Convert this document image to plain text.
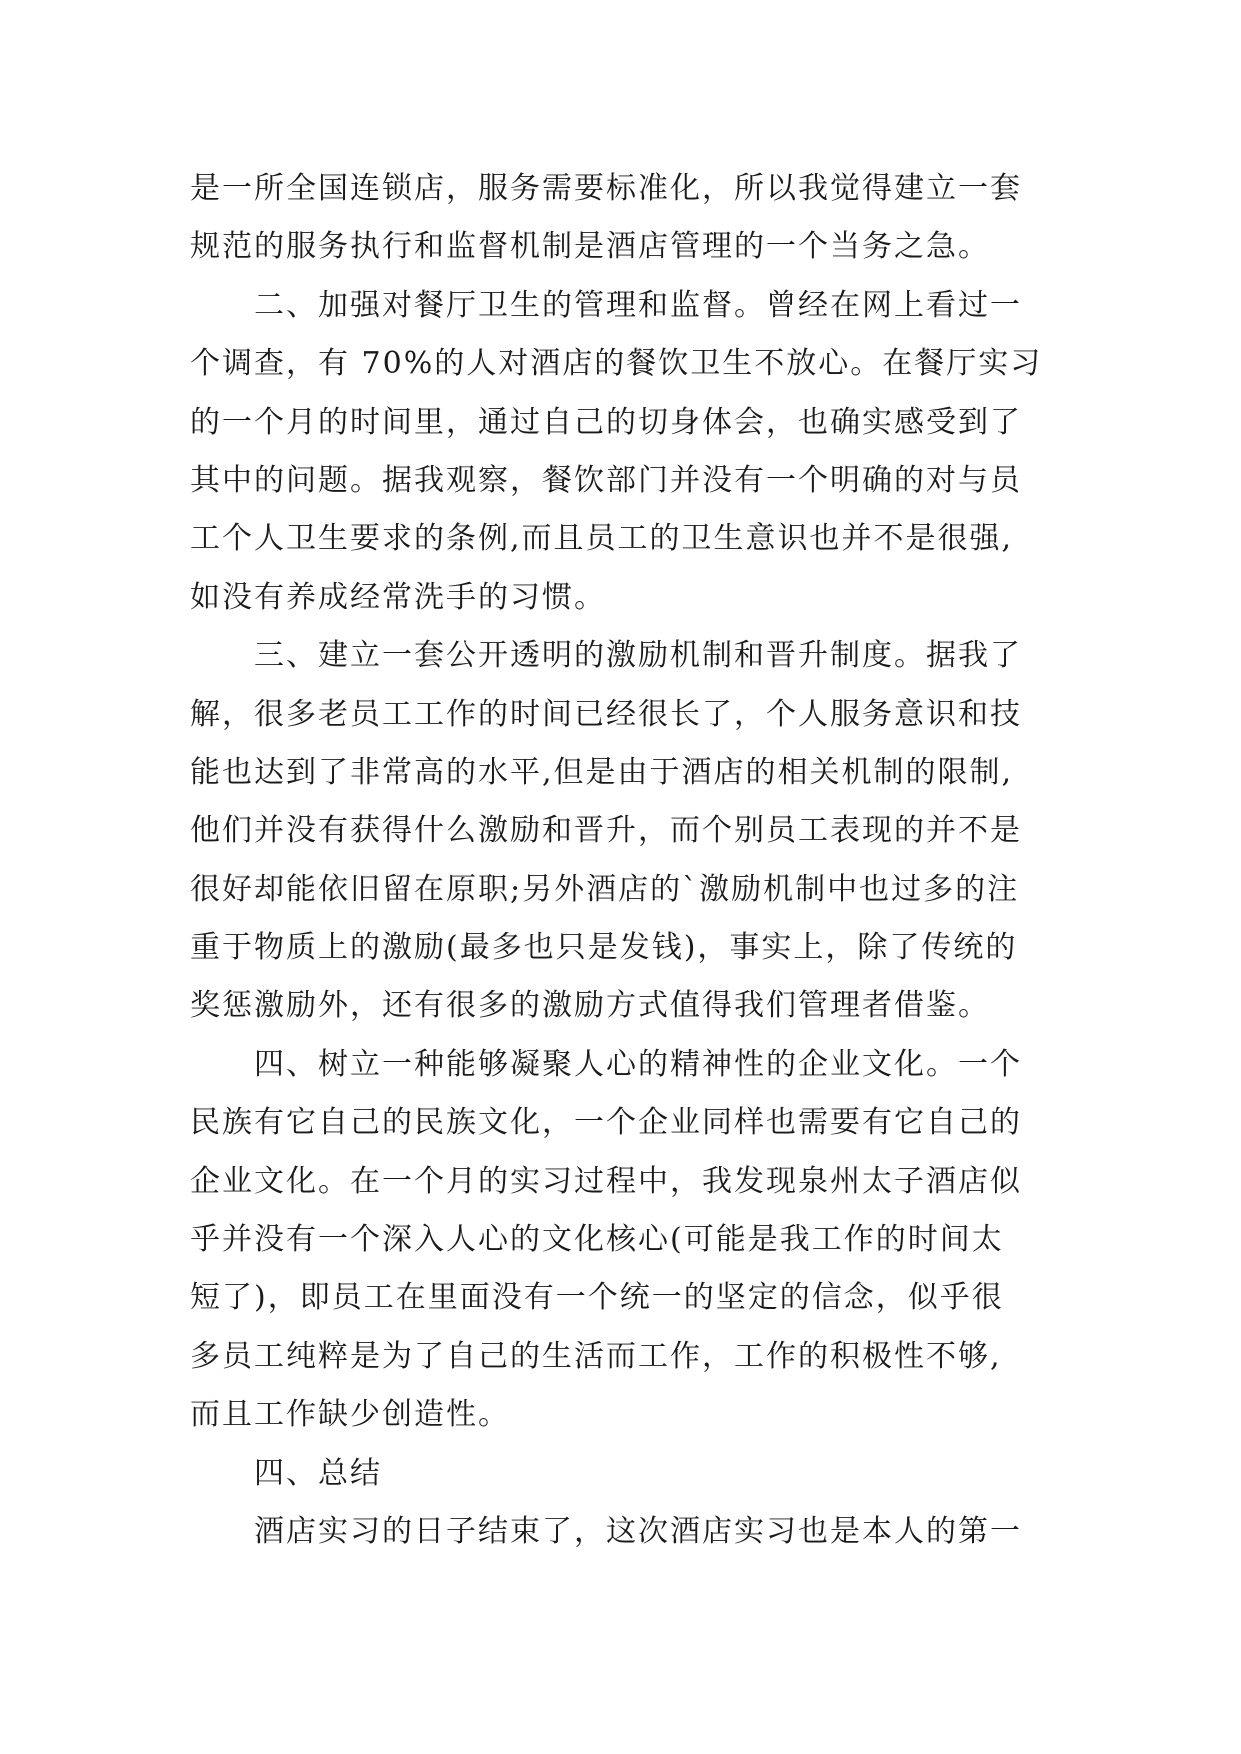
是一所全国连锁店，服务需要标准化，所以我觉得建立一套
规范的服务执行和监督机制是酒店管理的一个当务之急。
二、加强对餐厅卫生的管理和监督。曾经在网上看过一
个调查，有 70%的人对酒店的餐饮卫生不放心。在餐厅实习
的一个月的时间里，通过自己的切身体会，也确实感受到了
其中的问题。据我观察，餐饮部门并没有一个明确的对与员
工个人卫生要求的条例,而且员工的卫生意识也并不是很强,
如没有养成经常洗手的习惯。
三、建立一套公开透明的激励机制和晋升制度。据我了
解，很多老员工工作的时间已经很长了，个人服务意识和技
能也达到了非常高的水平,但是由于酒店的相关机制的限制,
他们并没有获得什么激励和晋升，而个别员工表现的并不是
很好却能依旧留在原职;另外酒店的`激励机制中也过多的注
重于物质上的激励(最多也只是发钱)，事实上，除了传统的
奖惩激励外，还有很多的激励方式值得我们管理者借鉴。
四、树立一种能够凝聚人心的精神性的企业文化。一个
民族有它自己的民族文化，一个企业同样也需要有它自己的
企业文化。在一个月的实习过程中，我发现泉州太子酒店似
乎并没有一个深入人心的文化核心(可能是我工作的时间太
短了)，即员工在里面没有一个统一的坚定的信念，似乎很
多员工纯粹是为了自己的生活而工作，工作的积极性不够,
而且工作缺少创造性。
四、总结
酒店实习的日子结束了，这次酒店实习也是本人的第一
